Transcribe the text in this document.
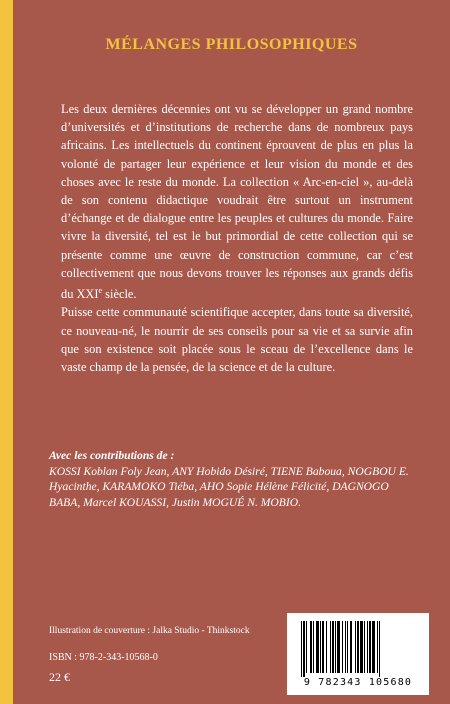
MÉLANGES PHILOSOPHIQUES

Les deux dernières décennies ont vu se développer un grand nombre d’universités et d’institutions de recherche dans de nombreux pays africains. Les intellectuels du continent éprouvent de plus en plus la volonté de partager leur expérience et leur vision du monde et des choses avec le reste du monde. La collection « Arc-en-ciel », au-delà de son contenu didactique voudrait être surtout un instrument d’échange et de dialogue entre les peuples et cultures du monde. Faire vivre la diversité, tel est le but primordial de cette collection qui se présente comme une œuvre de construction commune, car c’est collectivement que nous devons trouver les réponses aux grands défis du XXIe siècle.

Puisse cette communauté scientifique accepter, dans toute sa diversité, ce nouveau-né, le nourrir de ses conseils pour sa vie et sa survie afin que son existence soit placée sous le sceau de l’excellence dans le vaste champ de la pensée, de la science et de la culture.

Avec les contributions de :
KOSSI Koblan Foly Jean, ANY Hobido Désiré, TIENE Baboua, NOGBOU E. Hyacinthe, KARAMOKO Tiéba, AHO Sopie Hélène Félicité, DAGNOGO BABA, Marcel KOUASSI, Justin MOGUÉ N. MOBIO.
Illustration de couverture : Jalka Studio - Thinkstock
ISBN : 978-2-343-10568-0
22 €	9 782343 105680
